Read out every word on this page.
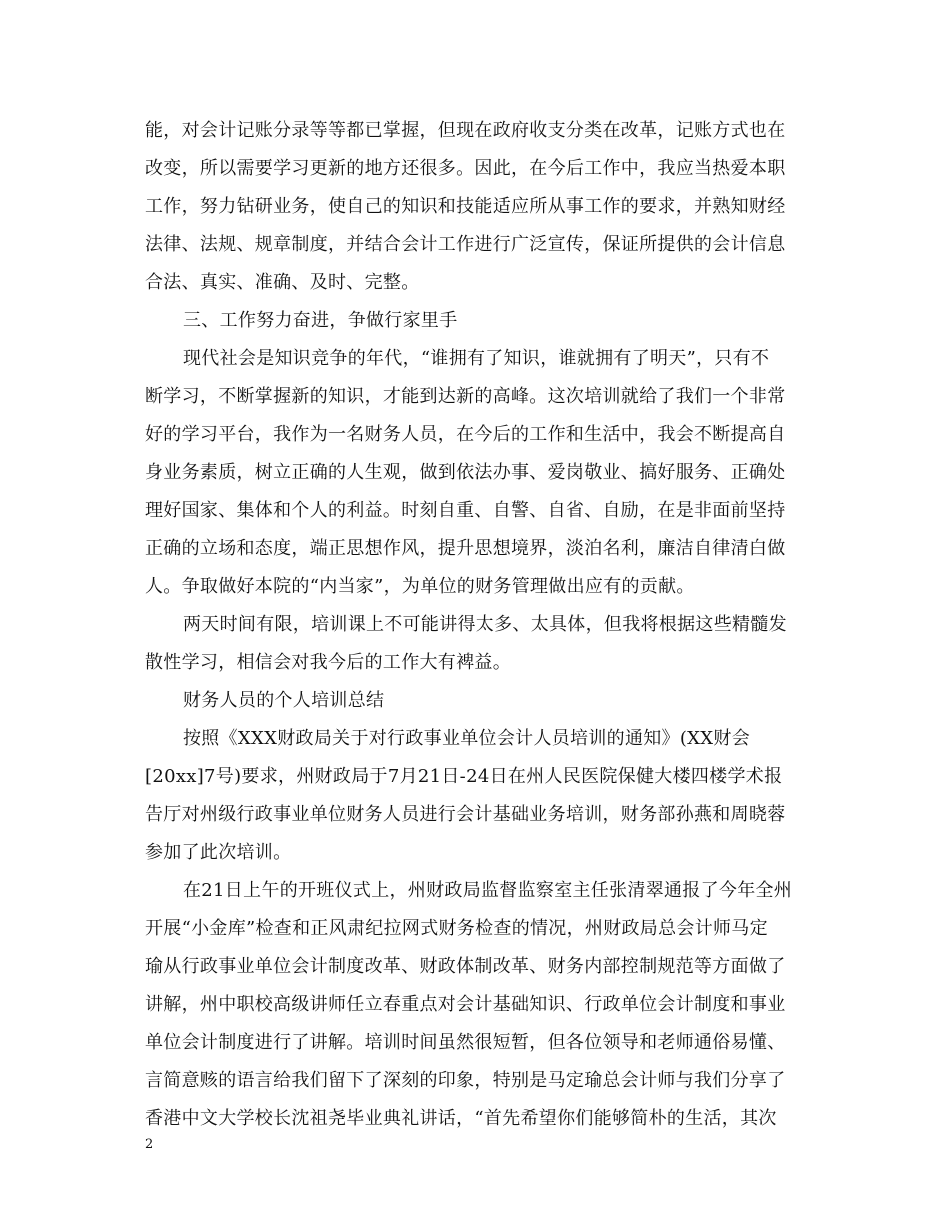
能，对会计记账分录等等都已掌握，但现在政府收支分类在改革，记账方式也在
改变，所以需要学习更新的地方还很多。因此，在今后工作中，我应当热爱本职
工作，努力钻研业务，使自己的知识和技能适应所从事工作的要求，并熟知财经
法律、法规、规章制度，并结合会计工作进行广泛宣传，保证所提供的会计信息
合法、真实、准确、及时、完整。
三、工作努力奋进，争做行家里手
现代社会是知识竞争的年代，“谁拥有了知识，谁就拥有了明天”，只有不
断学习，不断掌握新的知识，才能到达新的高峰。这次培训就给了我们一个非常
好的学习平台，我作为一名财务人员，在今后的工作和生活中，我会不断提高自
身业务素质，树立正确的人生观，做到依法办事、爱岗敬业、搞好服务、正确处
理好国家、集体和个人的利益。时刻自重、自警、自省、自励，在是非面前坚持
正确的立场和态度，端正思想作风，提升思想境界，淡泊名利，廉洁自律清白做
人。争取做好本院的“内当家”，为单位的财务管理做出应有的贡献。
两天时间有限，培训课上不可能讲得太多、太具体，但我将根据这些精髓发
散性学习，相信会对我今后的工作大有裨益。
财务人员的个人培训总结
按照《XXX财政局关于对行政事业单位会计人员培训的通知》(XX财会
[20xx]7号)要求，州财政局于7月21日-24日在州人民医院保健大楼四楼学术报
告厅对州级行政事业单位财务人员进行会计基础业务培训，财务部孙燕和周晓蓉
参加了此次培训。
在21日上午的开班仪式上，州财政局监督监察室主任张清翠通报了今年全州
开展“小金库”检查和正风肃纪拉网式财务检查的情况，州财政局总会计师马定
瑜从行政事业单位会计制度改革、财政体制改革、财务内部控制规范等方面做了
讲解，州中职校高级讲师任立春重点对会计基础知识、行政单位会计制度和事业
单位会计制度进行了讲解。培训时间虽然很短暂，但各位领导和老师通俗易懂、
言简意赅的语言给我们留下了深刻的印象，特别是马定瑜总会计师与我们分享了
香港中文大学校长沈祖尧毕业典礼讲话，“首先希望你们能够简朴的生活，其次
2
